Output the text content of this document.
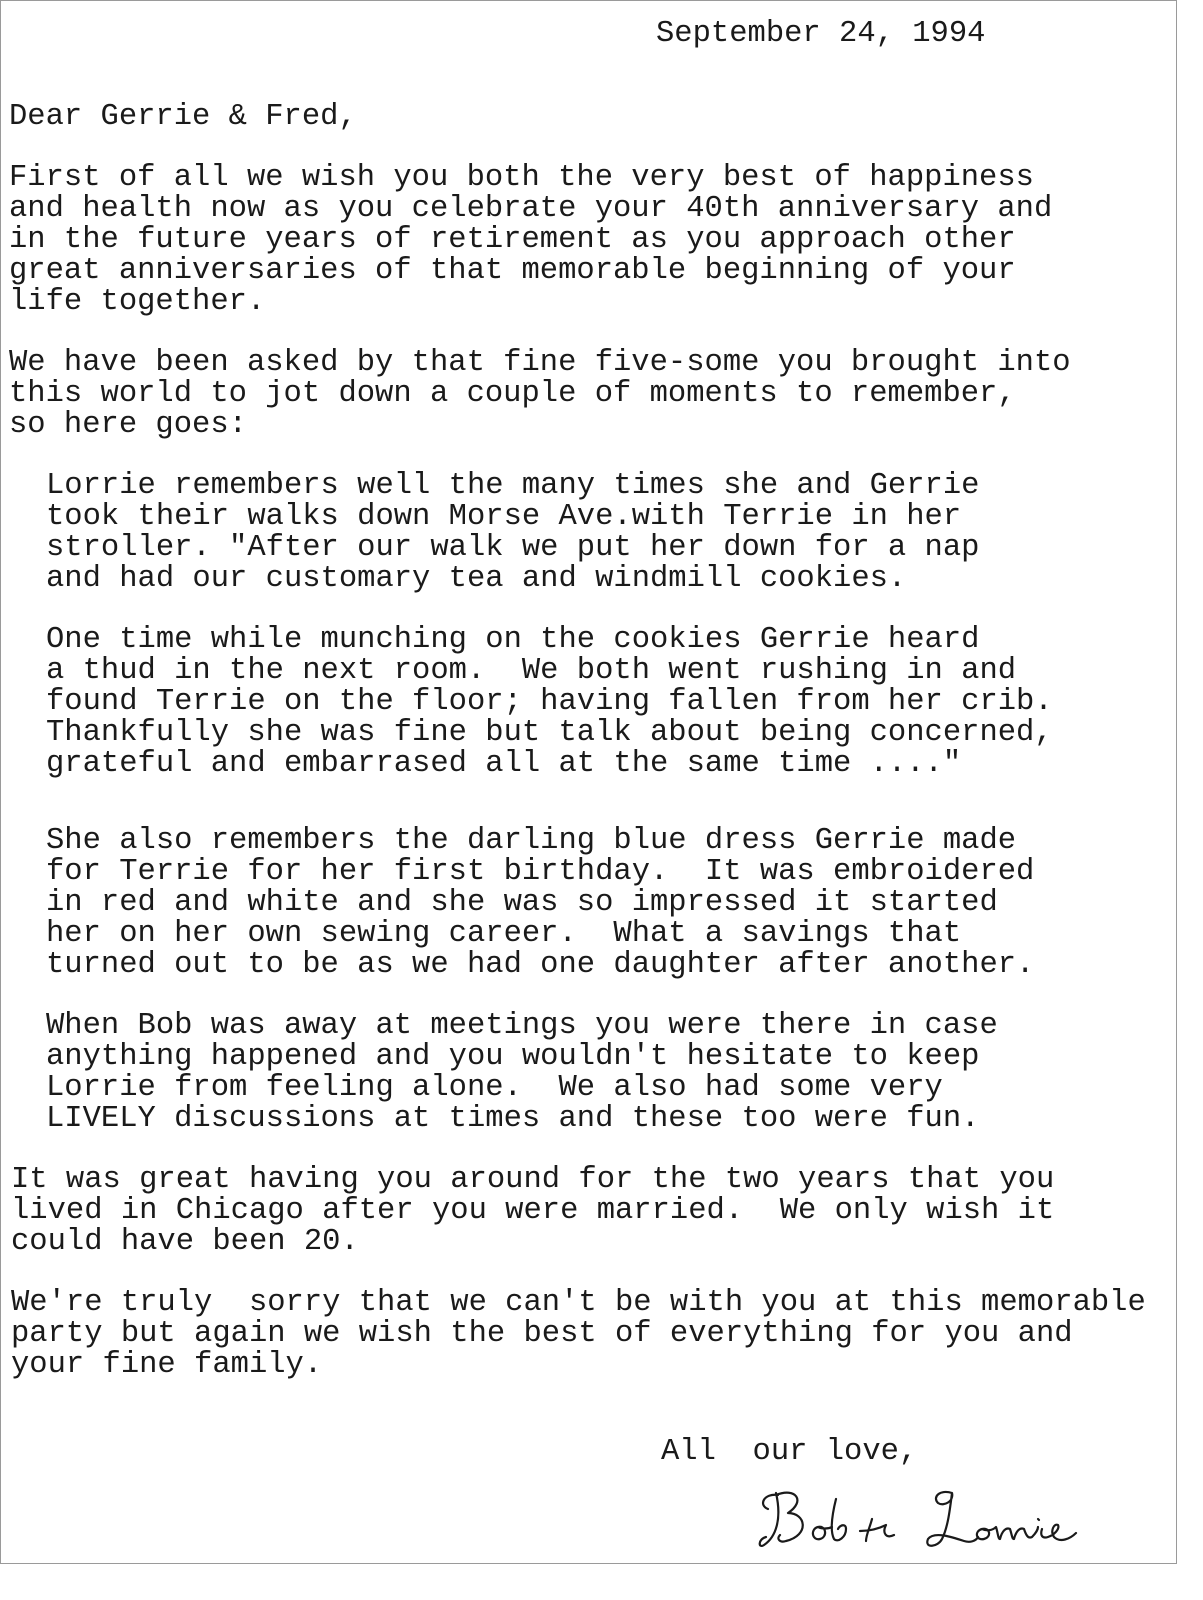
September 24, 1994

Dear Gerrie & Fred,

First of all we wish you both the very best of happiness

and health now as you celebrate your 40th anniversary and

in the future years of retirement as you approach other

great anniversaries of that memorable beginning of your

life together.

We have been asked by that fine five-some you brought into

this world to jot down a couple of moments to remember,

so here goes:

Lorrie remembers well the many times she and Gerrie

took their walks down Morse Ave.with Terrie in her

stroller. "After our walk we put her down for a nap

and had our customary tea and windmill cookies.

One time while munching on the cookies Gerrie heard

a thud in the next room.  We both went rushing in and

found Terrie on the floor; having fallen from her crib.

Thankfully she was fine but talk about being concerned,

grateful and embarrased all at the same time ...."

She also remembers the darling blue dress Gerrie made

for Terrie for her first birthday.  It was embroidered

in red and white and she was so impressed it started

her on her own sewing career.  What a savings that

turned out to be as we had one daughter after another.

When Bob was away at meetings you were there in case

anything happened and you wouldn't hesitate to keep

Lorrie from feeling alone.  We also had some very

LIVELY discussions at times and these too were fun.

It was great having you around for the two years that you

lived in Chicago after you were married.  We only wish it

could have been 20.

We're truly  sorry that we can't be with you at this memorable

party but again we wish the best of everything for you and

your fine family.

All  our love,
